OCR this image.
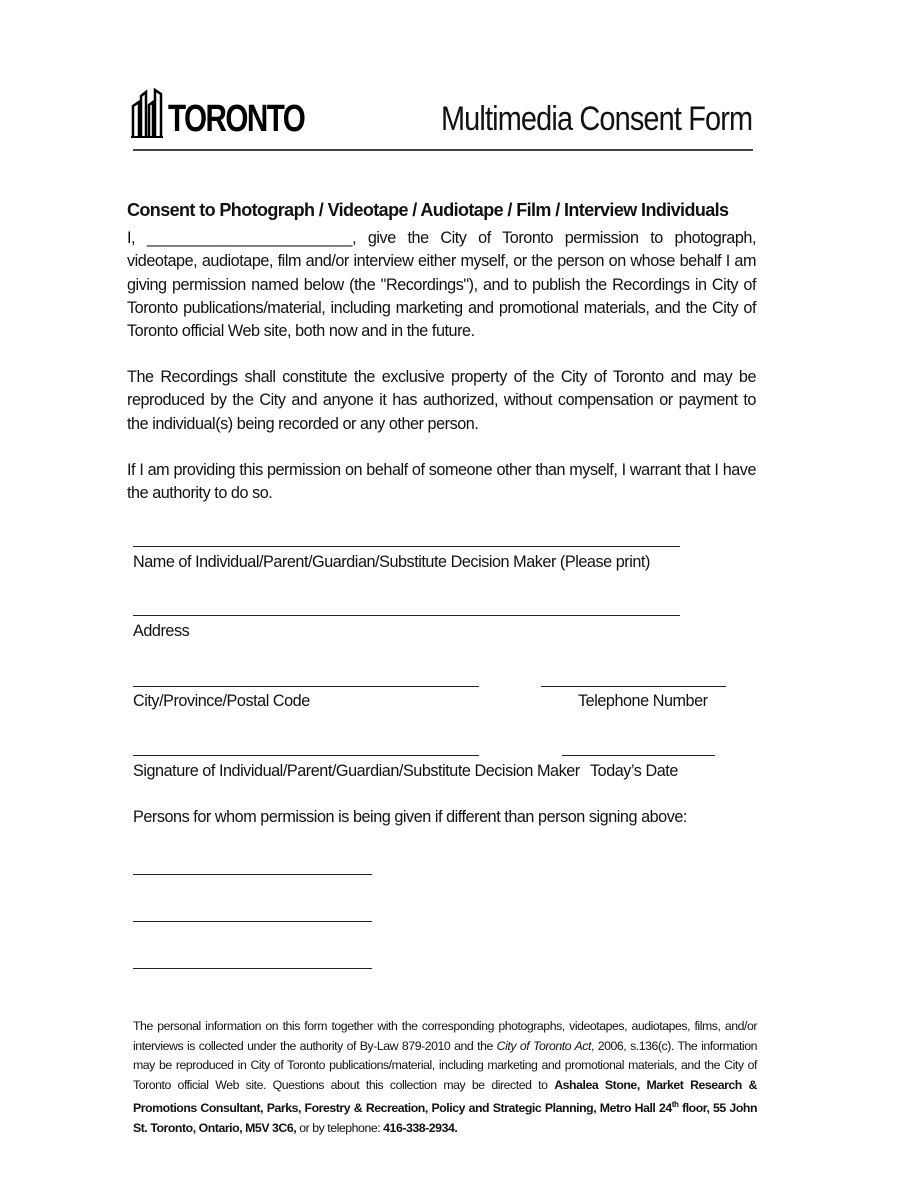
TORONTO	Multimedia Consent Form
Consent to Photograph / Videotape / Audiotape / Film / Interview Individuals
I, ________________________, give the City of Toronto permission to photograph, videotape, audiotape, film and/or interview either myself, or the person on whose behalf I am giving permission named below (the "Recordings"), and to publish the Recordings in City of Toronto publications/material, including marketing and promotional materials, and the City of Toronto official Web site, both now and in the future.
The Recordings shall constitute the exclusive property of the City of Toronto and may be reproduced by the City and anyone it has authorized, without compensation or payment to the individual(s) being recorded or any other person.
If I am providing this permission on behalf of someone other than myself, I warrant that I have the authority to do so.
Name of Individual/Parent/Guardian/Substitute Decision Maker (Please print)
Address
City/Province/Postal Code	Telephone Number
Signature of Individual/Parent/Guardian/Substitute Decision Maker Today’s Date
Persons for whom permission is being given if different than person signing above:
The personal information on this form together with the corresponding photographs, videotapes, audiotapes, films, and/or interviews is collected under the authority of By-Law 879-2010 and the City of Toronto Act, 2006, s.136(c). The information may be reproduced in City of Toronto publications/material, including marketing and promotional materials, and the City of Toronto official Web site. Questions about this collection may be directed to Ashalea Stone, Market Research & Promotions Consultant, Parks, Forestry & Recreation, Policy and Strategic Planning, Metro Hall 24th floor, 55 John St. Toronto, Ontario, M5V 3C6, or by telephone: 416-338-2934.
